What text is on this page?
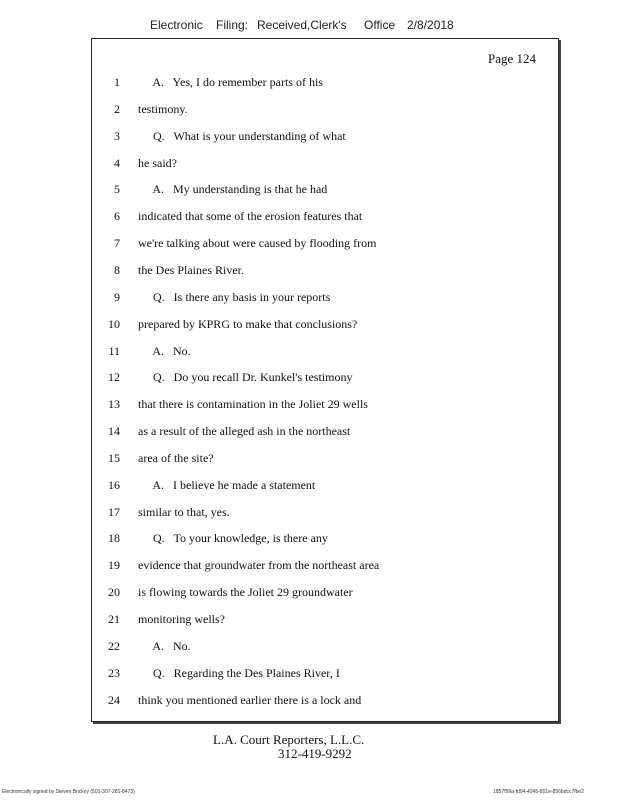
Electronic Filing: Received,Clerk's Office 2/8/2018
Page 124
1 A.   Yes, I do remember parts of his
2 testimony.
3 Q.   What is your understanding of what
4 he said?
5 A.   My understanding is that he had
6 indicated that some of the erosion features that
7 we're talking about were caused by flooding from
8 the Des Plaines River.
9 Q.   Is there any basis in your reports
10 prepared by KPRG to make that conclusions?
11 A.   No.
12 Q.   Do you recall Dr. Kunkel's testimony
13 that there is contamination in the Joliet 29 wells
14 as a result of the alleged ash in the northeast
15 area of the site?
16 A.   I believe he made a statement
17 similar to that, yes.
18 Q.   To your knowledge, is there any
19 evidence that groundwater from the northeast area
20 is flowing towards the Joliet 29 groundwater
21 monitoring wells?
22 A.   No.
23 Q.   Regarding the Des Plaines River, I
24 think you mentioned earlier there is a lock and
L.A. Court Reporters, L.L.C.
312-419-9292
Electronically signed by Steven Brickey (501-307-281-8473)	1857f99a-fd04-4245-801e-856bdcc7fbe2
